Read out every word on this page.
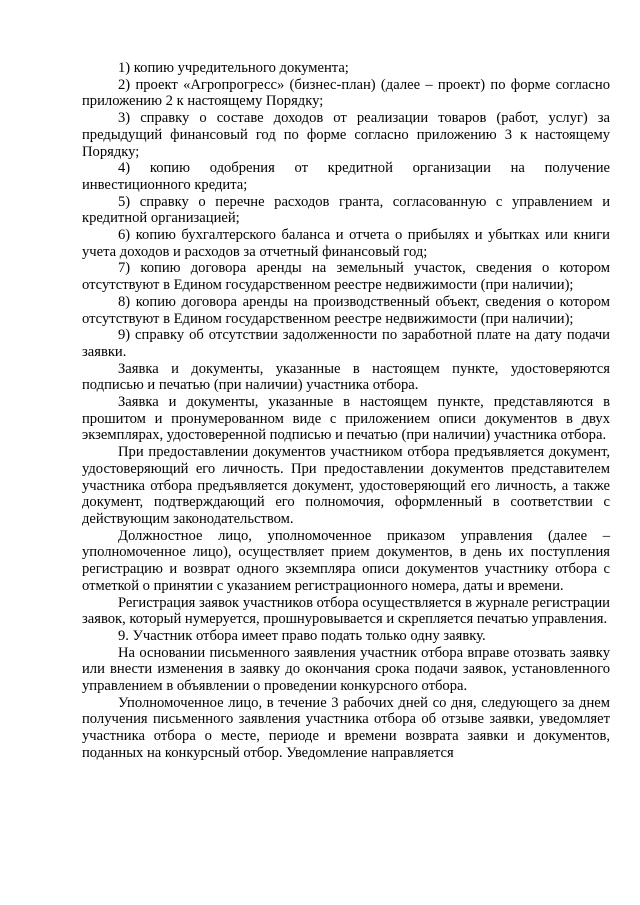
1) копию учредительного документа;

2) проект «Агропрогресс» (бизнес-план) (далее – проект) по форме согласно приложению 2 к настоящему Порядку;

3) справку о составе доходов от реализации товаров (работ, услуг) за предыдущий финансовый год по форме согласно приложению 3 к настоящему Порядку;

4) копию одобрения от кредитной организации на получение инвестиционного кредита;

5) справку о перечне расходов гранта, согласованную с управлением и кредитной организацией;

6) копию бухгалтерского баланса и отчета о прибылях и убытках или книги учета доходов и расходов за отчетный финансовый год;

7) копию договора аренды на земельный участок, сведения о котором отсутствуют в Едином государственном реестре недвижимости (при наличии);

8) копию договора аренды на производственный объект, сведения о котором отсутствуют в Едином государственном реестре недвижимости (при наличии);

9) справку об отсутствии задолженности по заработной плате на дату подачи заявки.

Заявка и документы, указанные в настоящем пункте, удостоверяются подписью и печатью (при наличии) участника отбора.

Заявка и документы, указанные в настоящем пункте, представляются в прошитом и пронумерованном виде с приложением описи документов в двух экземплярах, удостоверенной подписью и печатью (при наличии) участника отбора.

При предоставлении документов участником отбора предъявляется документ, удостоверяющий его личность. При предоставлении документов представителем участника отбора предъявляется документ, удостоверяющий его личность, а также документ, подтверждающий его полномочия, оформленный в соответствии с действующим законодательством.

Должностное лицо, уполномоченное приказом управления (далее – уполномоченное лицо), осуществляет прием документов, в день их поступления регистрацию и возврат одного экземпляра описи документов участнику отбора с отметкой о принятии с указанием регистрационного номера, даты и времени.

Регистрация заявок участников отбора осуществляется в журнале регистрации заявок, который нумеруется, прошнуровывается и скрепляется печатью управления.

9. Участник отбора имеет право подать только одну заявку.

На основании письменного заявления участник отбора вправе отозвать заявку или внести изменения в заявку до окончания срока подачи заявок, установленного управлением в объявлении о проведении конкурсного отбора.

Уполномоченное лицо, в течение 3 рабочих дней со дня, следующего за днем получения письменного заявления участника отбора об отзыве заявки, уведомляет участника отбора о месте, периоде и времени возврата заявки и документов, поданных на конкурсный отбор. Уведомление направляется
